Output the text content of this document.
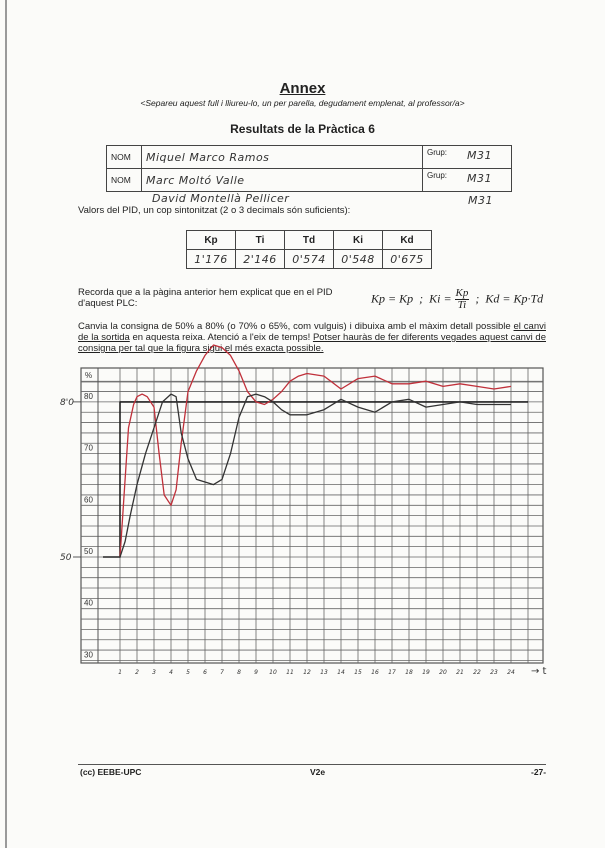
Annex
<Separeu aquest full i lliureu-lo, un per parella, degudament emplenat, al professor/a>
Resultats de la Pràctica 6
NOM	Miquel Marco Ramos	Grup: M31

NOM	Marc Moltó Valle	Grup: M31
David Montellà Pellicer	M31
Valors del PID, un cop sintonitzat (2 o 3 decimals són suficients):
Kp	Ti	Td	Ki	Kd
1'176	2'146	0'574	0'548	0'675
Recorda que a la pàgina anterior hem explicat que en el PID d'aquest PLC:	Kp = Kp ; $Ki = \frac{Kp}{Ti}$ ; Kd = Kp·Td
Canvia la consigna de 50% a 80% (o 70% o 65%, com vulguis) i dibuixa amb el màxim detall possible el canvi de la sortida en aquesta reixa. Atenció a l'eix de temps! Potser hauràs de fer diferents vegades aquest canvi de consigna per tal que la figura sigui el més exacta possible.
%
80
70
60
50
40
30
8'0
50
1 2 3 4 5 6 7 8 9 10 11 12 13 14 15 16 17 18 19 20 21 22 23 24 → t
(cc) EEBE-UPC	V2e	-27-
